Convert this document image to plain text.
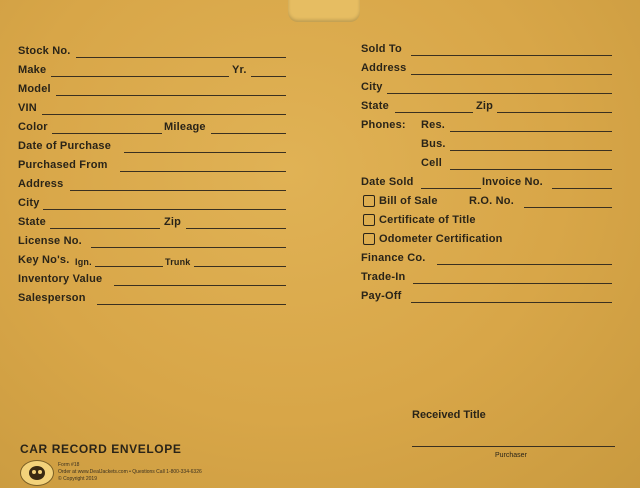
Stock No.
Make	Yr.
Model
VIN
Color	Mileage
Date of Purchase
Purchased From
Address
City
State	Zip
License No.
Key No's. Ign.	Trunk
Inventory Value
Salesperson
Sold To
Address
City
State	Zip
Phones: Res.
Bus.
Cell
Date Sold	Invoice No.
Bill of Sale	R.O. No.
Certificate of Title
Odometer Certification
Finance Co.
Trade-In
Pay-Off
CAR RECORD ENVELOPE
Form #18
Order at www.DealJackets.com • Questions Call 1-800-334-6326
© Copyright 2019
Received Title
Purchaser
